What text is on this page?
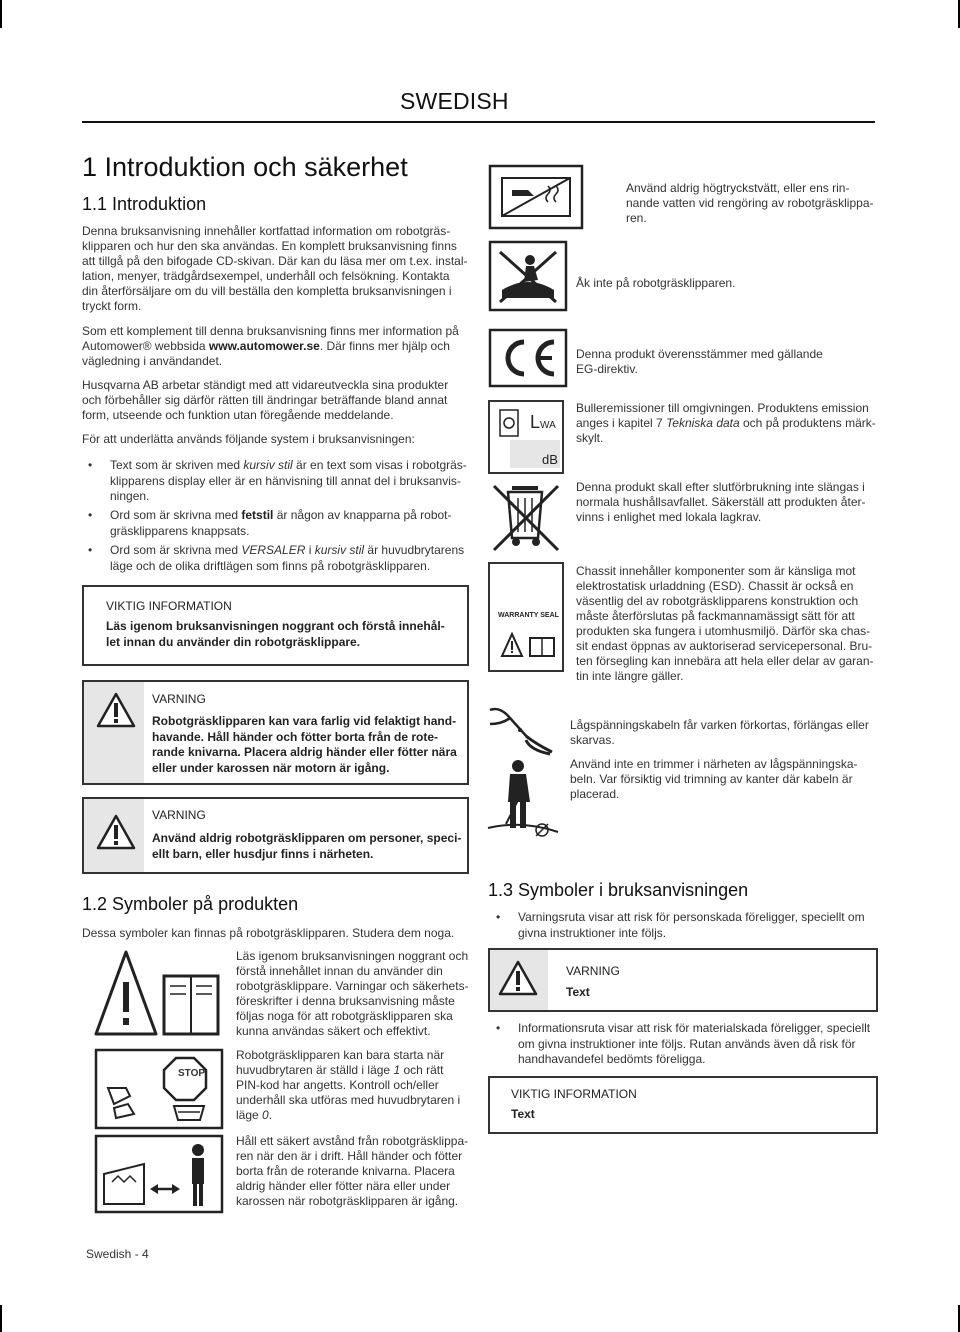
SWEDISH
1 Introduktion och säkerhet
1.1 Introduktion
Denna bruksanvisning innehåller kortfattad information om robotgräs-
klipparen och hur den ska användas. En komplett bruksanvisning finns
att tillgå på den bifogade CD-skivan. Där kan du läsa mer om t.ex. instal-
lation, menyer, trädgårdsexempel, underhåll och felsökning. Kontakta
din återförsäljare om du vill beställa den kompletta bruksanvisningen i
tryckt form.
Som ett komplement till denna bruksanvisning finns mer information på
Automower® webbsida www.automower.se. Där finns mer hjälp och
vägledning i användandet.
Husqvarna AB arbetar ständigt med att vidareutveckla sina produkter
och förbehåller sig därför rätten till ändringar beträffande bland annat
form, utseende och funktion utan föregående meddelande.
För att underlätta används följande system i bruksanvisningen:
• Text som är skriven med kursiv stil är en text som visas i robotgräs-
klipparens display eller är en hänvisning till annat del i bruksanvis-
ningen.
• Ord som är skrivna med fetstil är någon av knapparna på robot-
gräsklipparens knappsats.
• Ord som är skrivna med VERSALER i kursiv stil är huvudbrytarens
läge och de olika driftlägen som finns på robotgräsklipparen.
VIKTIG INFORMATION
Läs igenom bruksanvisningen noggrant och förstå innehål-
let innan du använder din robotgräsklippare.
VARNING
Robotgräsklipparen kan vara farlig vid felaktigt hand-
havande. Håll händer och fötter borta från de rote-
rande knivarna. Placera aldrig händer eller fötter nära
eller under karossen när motorn är igång.
VARNING
Använd aldrig robotgräsklipparen om personer, speci-
ellt barn, eller husdjur finns i närheten.
1.2 Symboler på produkten
Dessa symboler kan finnas på robotgräsklipparen. Studera dem noga.
Läs igenom bruksanvisningen noggrant och
förstå innehållet innan du använder din
robotgräsklippare. Varningar och säkerhets-
föreskrifter i denna bruksanvisning måste
följas noga för att robotgräsklipparen ska
kunna användas säkert och effektivt.
STOP
Robotgräsklipparen kan bara starta när
huvudbrytaren är ställd i läge 1 och rätt
PIN-kod har angetts. Kontroll och/eller
underhåll ska utföras med huvudbrytaren i
läge 0.
Håll ett säkert avstånd från robotgräsklippa-
ren när den är i drift. Håll händer och fötter
borta från de roterande knivarna. Placera
aldrig händer eller fötter nära eller under
karossen när robotgräsklipparen är igång.
Använd aldrig högtryckstvätt, eller ens rin-
nande vatten vid rengöring av robotgräsklippa-
ren.
Åk inte på robotgräsklipparen.
Denna produkt överensstämmer med gällande
EG-direktiv.
LWA
dB
Bulleremissioner till omgivningen. Produktens emission
anges i kapitel 7 Tekniska data och på produktens märk-
skylt.
Denna produkt skall efter slutförbrukning inte slängas i
normala hushållsavfallet. Säkerställ att produkten åter-
vinns i enlighet med lokala lagkrav.
WARRANTY SEAL
Chassit innehåller komponenter som är känsliga mot
elektrostatisk urladdning (ESD). Chassit är också en
väsentlig del av robotgräsklipparens konstruktion och
måste återförslutas på fackmannamässigt sätt för att
produkten ska fungera i utomhusmiljö. Därför ska chas-
sit endast öppnas av auktoriserad servicepersonal. Bru-
ten försegling kan innebära att hela eller delar av garan-
tin inte längre gäller.
Lågspänningskabeln får varken förkortas, förlängas eller
skarvas.
Använd inte en trimmer i närheten av lågspänningska-
beln. Var försiktig vid trimning av kanter där kabeln är
placerad.
1.3 Symboler i bruksanvisningen
• Varningsruta visar att risk för personskada föreligger, speciellt om
givna instruktioner inte följs.
VARNING
Text
• Informationsruta visar att risk för materialskada föreligger, speciellt
om givna instruktioner inte följs. Rutan används även då risk för
handhavandefel bedömts föreligga.
VIKTIG INFORMATION
Text
Swedish - 4
